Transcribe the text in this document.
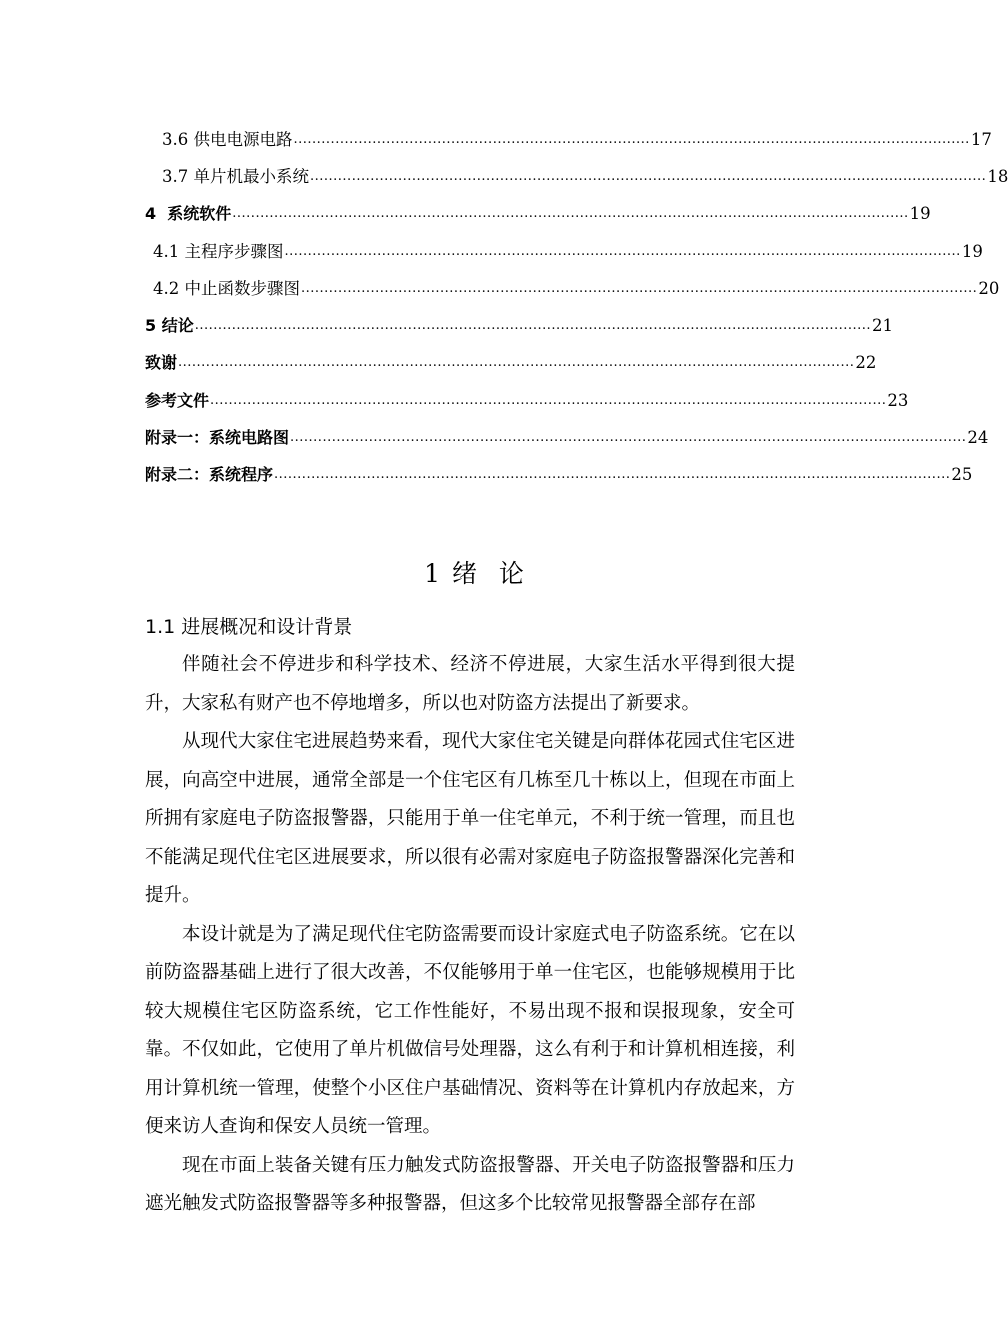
3.6 供电电源电路 .................................................................................................................................................. 17
3.7 单片机最小系统 .................................................................................................................................................. 18
4  系统软件 .................................................................................................................................................. 19
4.1 主程序步骤图 .................................................................................................................................................. 19
4.2 中止函数步骤图 .................................................................................................................................................. 20
5 结论 .................................................................................................................................................. 21
致谢 .................................................................................................................................................. 22
参考文件 .................................................................................................................................................. 23
附录一：系统电路图 .................................................................................................................................................. 24
附录二：系统程序 .................................................................................................................................................. 25
1 绪  论
1.1 进展概况和设计背景

伴随社会不停进步和科学技术、经济不停进展，大家生活水平得到很大提升，大家私有财产也不停地增多，所以也对防盗方法提出了新要求。

从现代大家住宅进展趋势来看，现代大家住宅关键是向群体花园式住宅区进展，向高空中进展，通常全部是一个住宅区有几栋至几十栋以上，但现在市面上所拥有家庭电子防盗报警器，只能用于单一住宅单元，不利于统一管理，而且也不能满足现代住宅区进展要求，所以很有必需对家庭电子防盗报警器深化完善和提升。

本设计就是为了满足现代住宅防盗需要而设计家庭式电子防盗系统。它在以前防盗器基础上进行了很大改善，不仅能够用于单一住宅区，也能够规模用于比较大规模住宅区防盗系统，它工作性能好，不易出现不报和误报现象，安全可靠。不仅如此，它使用了单片机做信号处理器，这么有利于和计算机相连接，利用计算机统一管理，使整个小区住户基础情况、资料等在计算机内存放起来，方便来访人查询和保安人员统一管理。

现在市面上装备关键有压力触发式防盗报警器、开关电子防盗报警器和压力遮光触发式防盗报警器等多种报警器，但这多个比较常见报警器全部存在部
